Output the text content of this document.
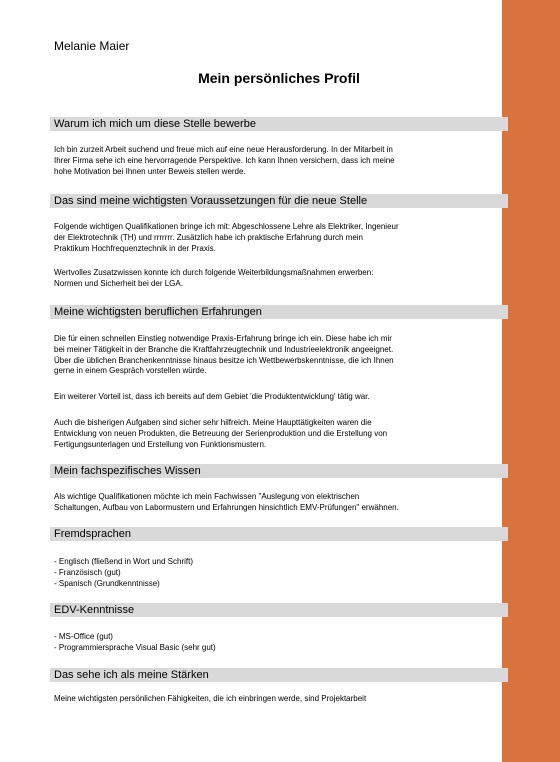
Melanie Maier
Mein persönliches Profil
Warum ich mich um diese Stelle bewerbe
Ich bin zurzeit Arbeit suchend und freue mich auf eine neue Herausforderung. In der Mitarbeit in
Ihrer Firma sehe ich eine hervorragende Perspektive. Ich kann Ihnen versichern, dass ich meine
hohe Motivation bei Ihnen unter Beweis stellen werde.
Das sind meine wichtigsten Voraussetzungen für die neue Stelle
Folgende wichtigen Qualifikationen bringe ich mit: Abgeschlossene Lehre als Elektriker, Ingenieur
der Elektrotechnik (TH) und rrrrrrr. Zusätzlich habe ich praktische Erfahrung durch mein
Praktikum Hochfrequenztechnik in der Praxis.
Wertvolles Zusatzwissen konnte ich durch folgende Weiterbildungsmaßnahmen erwerben:
Normen und Sicherheit bei der LGA.
Meine wichtigsten beruflichen Erfahrungen
Die für einen schnellen Einstieg notwendige Praxis-Erfahrung bringe ich ein. Diese habe ich mir
bei meiner Tätigkeit in der Branche die Kraftfahrzeugtechnik und Industrieelektronik angeeignet.
Über die üblichen Branchenkenntnisse hinaus besitze ich Wettbewerbskenntnisse, die ich Ihnen
gerne in einem Gespräch vorstellen würde.
Ein weiterer Vorteil ist, dass ich bereits auf dem Gebiet 'die Produktentwicklung' tätig war.
Auch die bisherigen Aufgaben sind sicher sehr hilfreich. Meine Haupttätigkeiten waren die
Entwicklung von neuen Produkten, die Betreuung der Serienproduktion und die Erstellung von
Fertigungsunterlagen und Erstellung von Funktionsmustern.
Mein fachspezifisches Wissen
Als wichtige Qualifikationen möchte ich mein Fachwissen "Auslegung von elektrischen
Schaltungen, Aufbau von Labormustern und Erfahrungen hinsichtlich EMV-Prüfungen" erwähnen.
Fremdsprachen
- Englisch (fließend in Wort und Schrift)
- Französisch (gut)
- Spanisch (Grundkenntnisse)
EDV-Kenntnisse
- MS-Office (gut)
- Programmiersprache Visual Basic (sehr gut)
Das sehe ich als meine Stärken
Meine wichtigsten persönlichen Fähigkeiten, die ich einbringen werde, sind Projektarbeit
